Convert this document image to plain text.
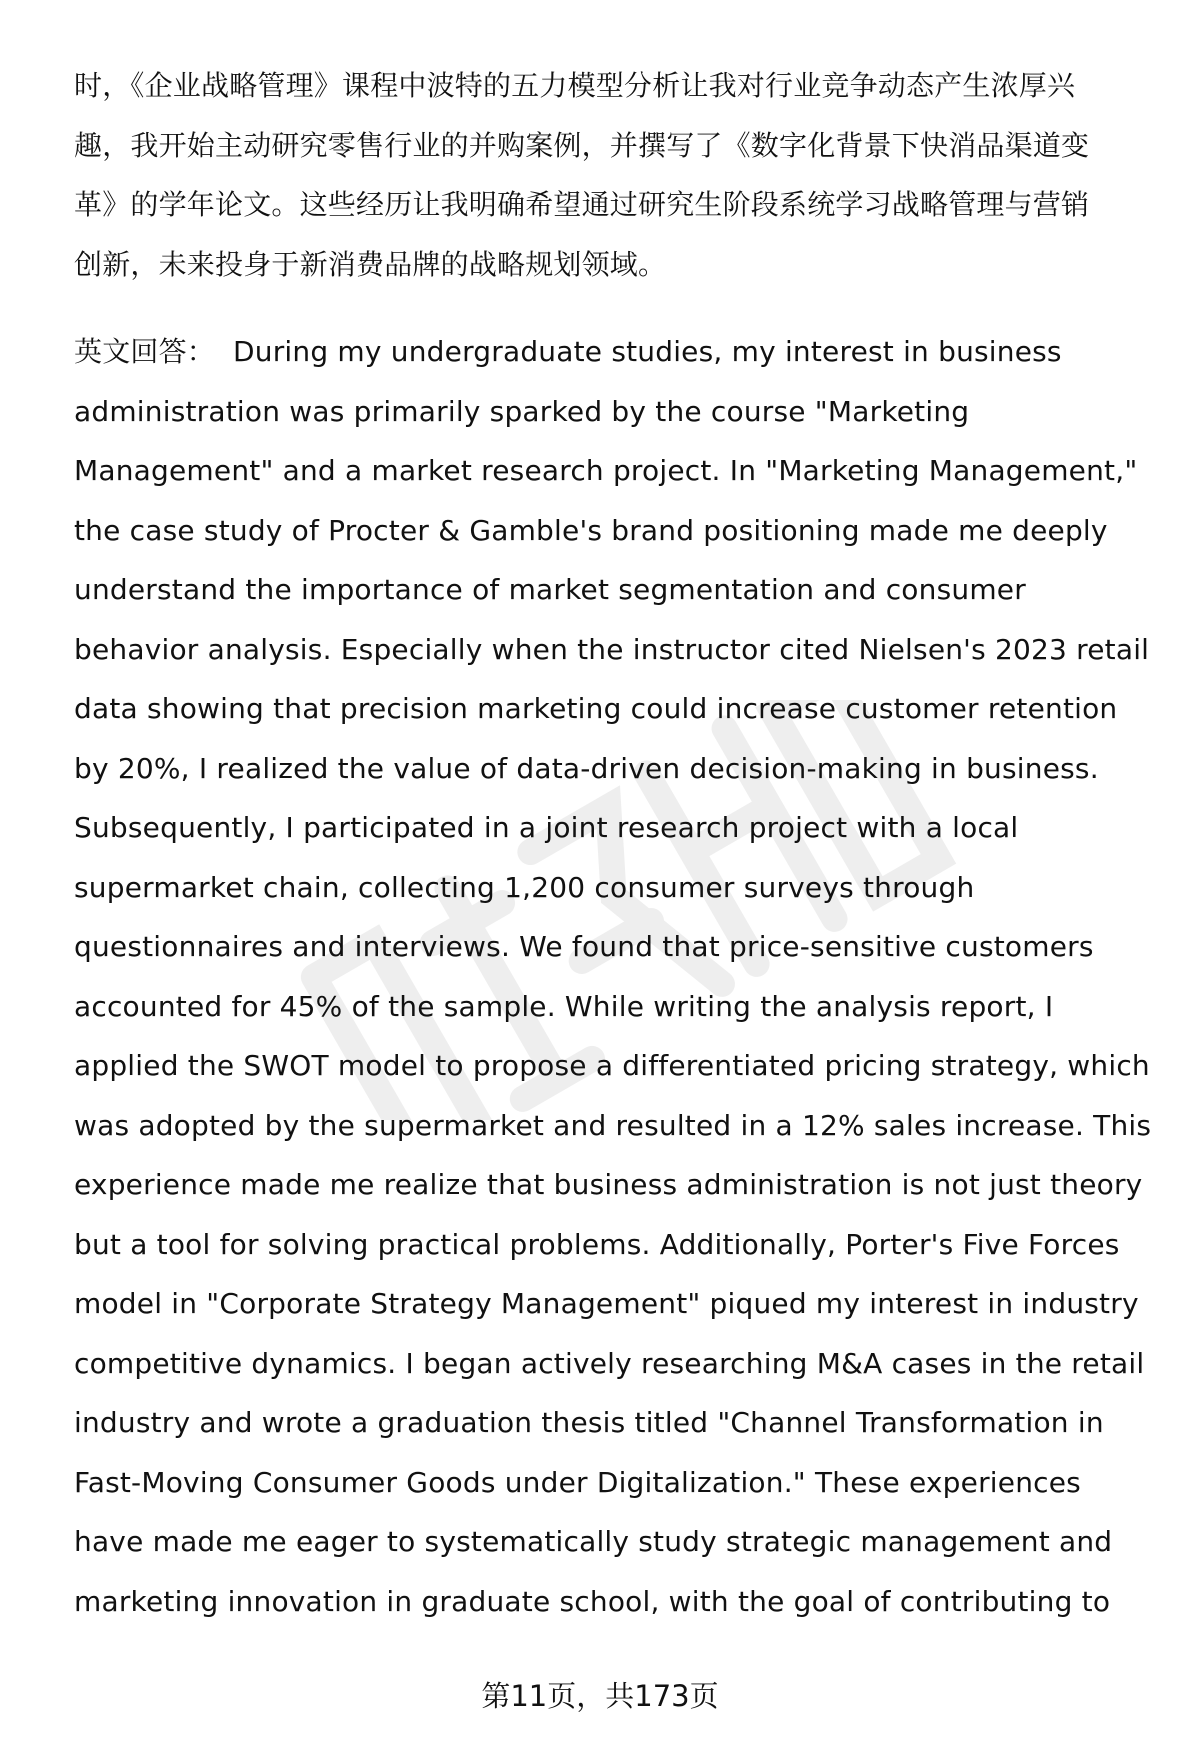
时，《企业战略管理》课程中波特的五力模型分析让我对行业竞争动态产生浓厚兴
趣，我开始主动研究零售行业的并购案例，并撰写了《数字化背景下快消品渠道变
革》的学年论文。这些经历让我明确希望通过研究生阶段系统学习战略管理与营销
创新，未来投身于新消费品牌的战略规划领域。

英文回答： During my undergraduate studies, my interest in business
administration was primarily sparked by the course "Marketing
Management" and a market research project. In "Marketing Management,"
the case study of Procter & Gamble's brand positioning made me deeply
understand the importance of market segmentation and consumer
behavior analysis. Especially when the instructor cited Nielsen's 2023 retail
data showing that precision marketing could increase customer retention
by 20%, I realized the value of data-driven decision-making in business.
Subsequently, I participated in a joint research project with a local
supermarket chain, collecting 1,200 consumer surveys through
questionnaires and interviews. We found that price-sensitive customers
accounted for 45% of the sample. While writing the analysis report, I
applied the SWOT model to propose a differentiated pricing strategy, which
was adopted by the supermarket and resulted in a 12% sales increase. This
experience made me realize that business administration is not just theory
but a tool for solving practical problems. Additionally, Porter's Five Forces
model in "Corporate Strategy Management" piqued my interest in industry
competitive dynamics. I began actively researching M&A cases in the retail
industry and wrote a graduation thesis titled "Channel Transformation in
Fast-Moving Consumer Goods under Digitalization." These experiences
have made me eager to systematically study strategic management and
marketing innovation in graduate school, with the goal of contributing to

第11页，共173页
